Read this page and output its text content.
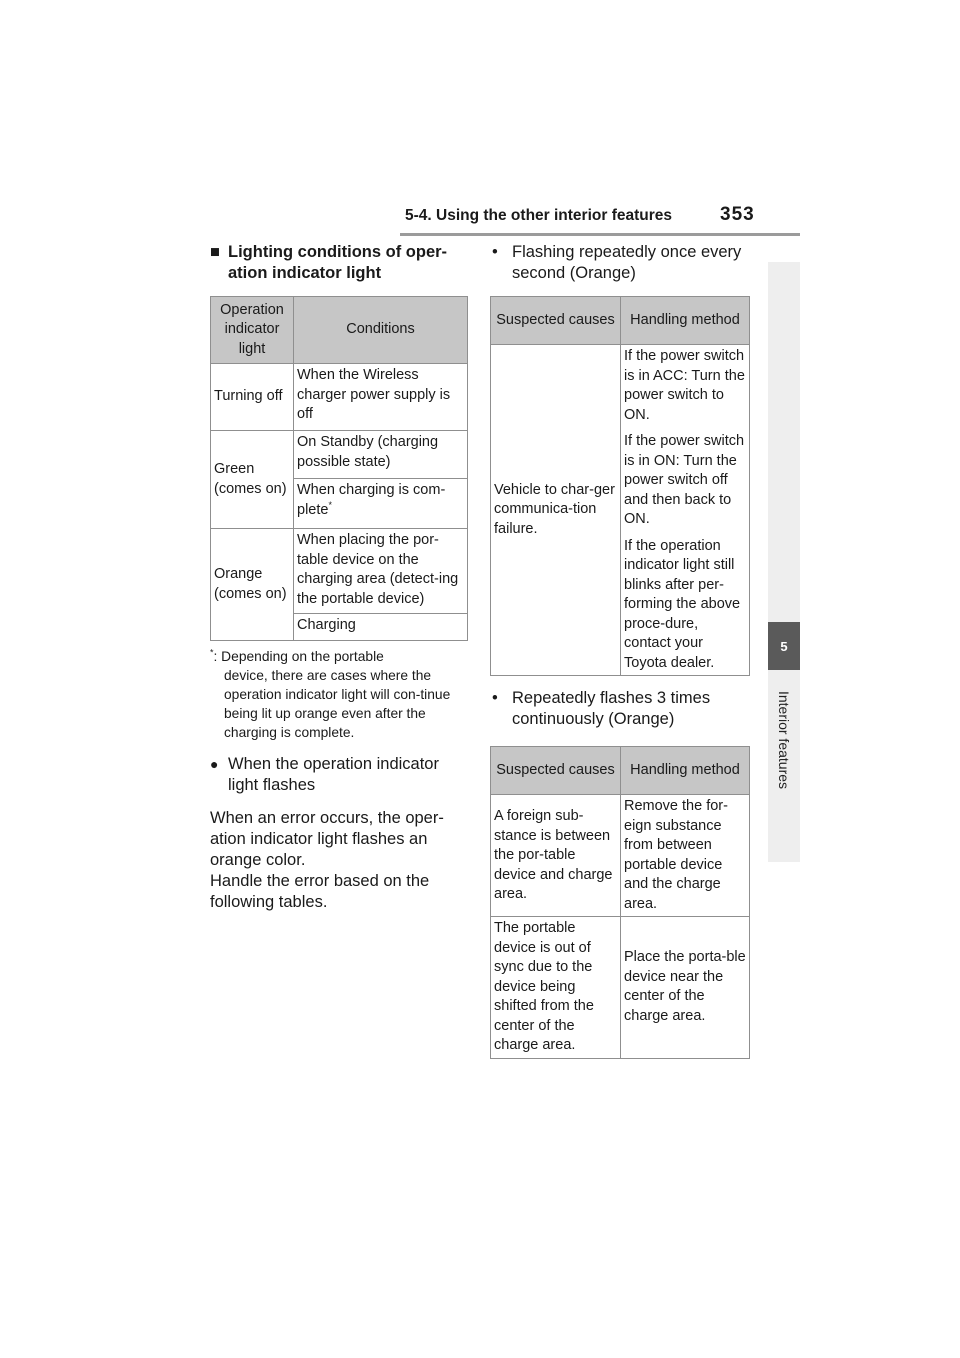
5-4. Using the other interior features	353
5
Interior features
■ Lighting conditions of oper-ation indicator light
Operation indicator light	Conditions
Turning off	When the Wireless charger power supply is off
Green (comes on)	On Standby (charging possible state)
	When charging is com-plete*
Orange (comes on)	When placing the por-table device on the charging area (detect-ing the portable device)
	Charging
*: Depending on the portable
device, there are cases where the operation indicator light will con-tinue being lit up orange even after the charging is complete.
● When the operation indicator light flashes
When an error occurs, the oper-ation indicator light flashes an orange color.
Handle the error based on the following tables.
• Flashing repeatedly once every second (Orange)
Suspected causes	Handling method
Vehicle to char-ger communica-tion failure.	If the power switch is in ACC: Turn the power switch to ON.
If the power switch is in ON: Turn the power switch off and then back to ON.
If the operation indicator light still blinks after per-forming the above proce-dure, contact your Toyota dealer.
• Repeatedly flashes 3 times continuously (Orange)
Suspected causes	Handling method
A foreign sub-stance is between the por-table device and charge area.	Remove the for-eign substance from between portable device and the charge area.
The portable device is out of sync due to the device being shifted from the center of the charge area.	Place the porta-ble device near the center of the charge area.
